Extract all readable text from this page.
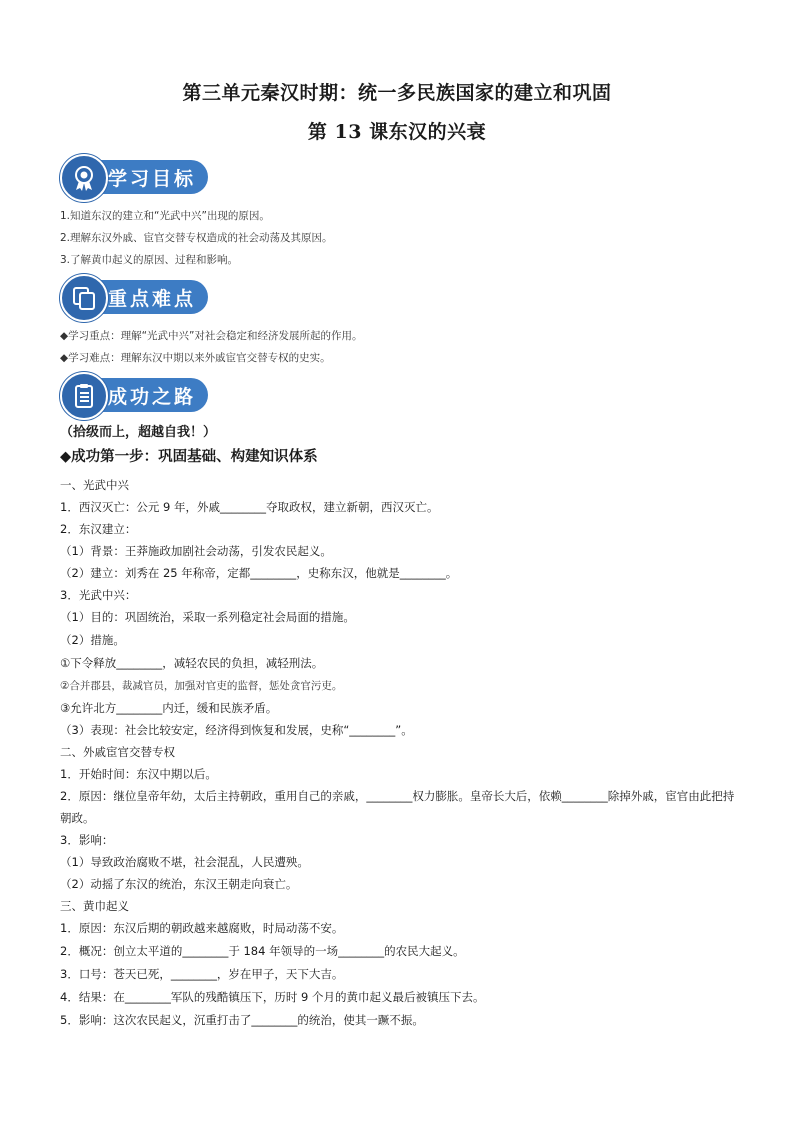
第三单元秦汉时期：统一多民族国家的建立和巩固
第 13 课东汉的兴衰
学习目标
1.知道东汉的建立和“光武中兴”出现的原因。
2.理解东汉外戚、宦官交替专权造成的社会动荡及其原因。
3.了解黄巾起义的原因、过程和影响。
重点难点
◆学习重点：理解“光武中兴”对社会稳定和经济发展所起的作用。
◆学习难点：理解东汉中期以来外戚宦官交替专权的史实。
成功之路
（拾级而上，超越自我！）
◆成功第一步：巩固基础、构建知识体系
一、光武中兴
1．西汉灭亡：公元 9 年，外戚________夺取政权，建立新朝，西汉灭亡。
2．东汉建立：
（1）背景：王莽施政加剧社会动荡，引发农民起义。
（2）建立：刘秀在 25 年称帝，定都________，史称东汉，他就是________。
3．光武中兴：
（1）目的：巩固统治，采取一系列稳定社会局面的措施。
（2）措施。
①下令释放________，减轻农民的负担，减轻刑法。
②合并郡县，裁减官员，加强对官吏的监督，惩处贪官污吏。
③允许北方________内迁，缓和民族矛盾。
（3）表现：社会比较安定，经济得到恢复和发展，史称“________”。
二、外戚宦官交替专权
1．开始时间：东汉中期以后。
2．原因：继位皇帝年幼，太后主持朝政，重用自己的亲戚，________权力膨胀。皇帝长大后，依赖________除掉外戚，宦官由此把持朝政。
3．影响：
（1）导致政治腐败不堪，社会混乱，人民遭殃。
（2）动摇了东汉的统治，东汉王朝走向衰亡。
三、黄巾起义
1．原因：东汉后期的朝政越来越腐败，时局动荡不安。
2．概况：创立太平道的________于 184 年领导的一场________的农民大起义。
3．口号：苍天已死，________，岁在甲子，天下大吉。
4．结果：在________军队的残酷镇压下，历时 9 个月的黄巾起义最后被镇压下去。
5．影响：这次农民起义，沉重打击了________的统治，使其一蹶不振。
